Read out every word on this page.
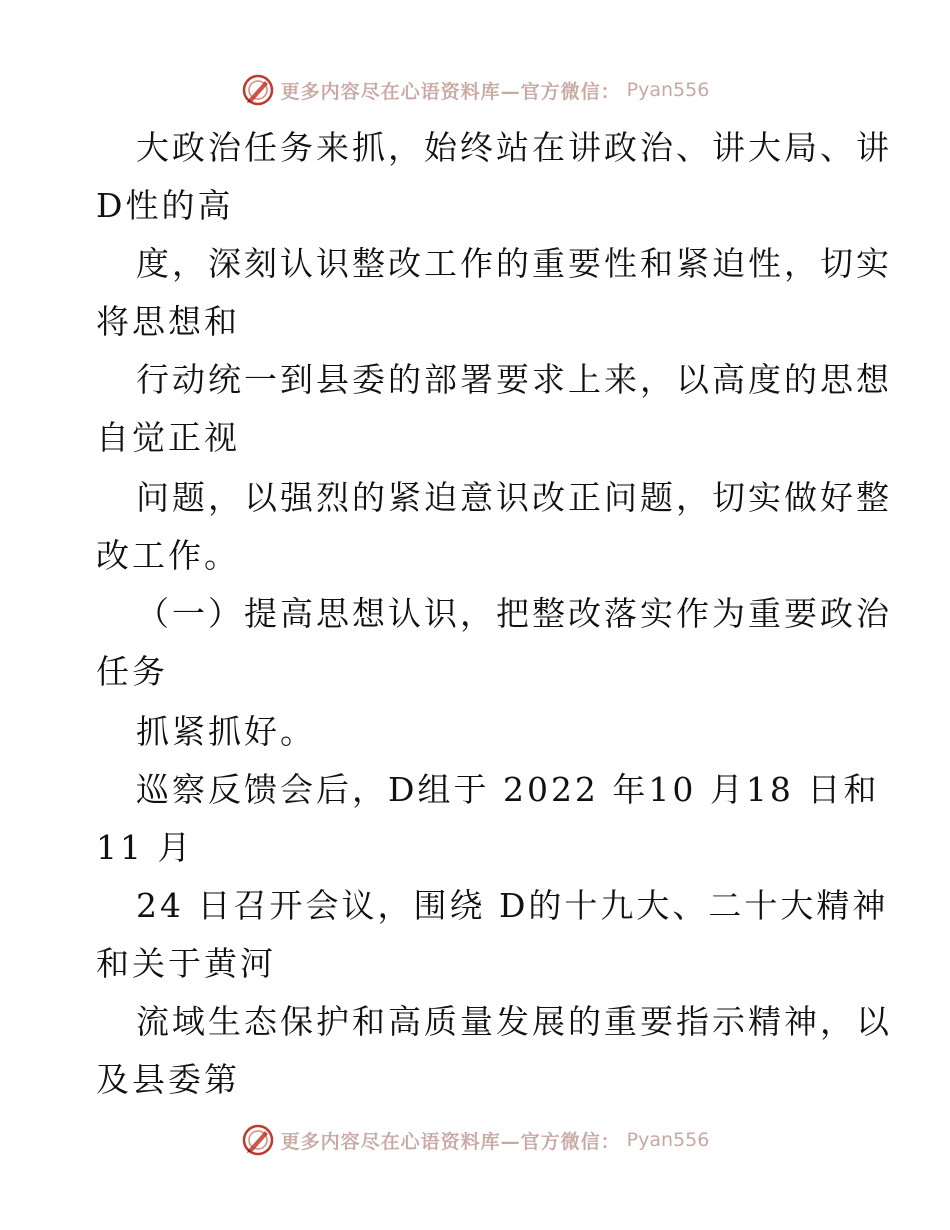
更多内容尽在心语资料库—官方微信： Pyan556
大政治任务来抓，始终站在讲政治、讲大局、讲
D性的高
度，深刻认识整改工作的重要性和紧迫性，切实
将思想和
行动统一到县委的部署要求上来，以高度的思想
自觉正视
问题，以强烈的紧迫意识改正问题，切实做好整
改工作。
（一）提高思想认识，把整改落实作为重要政治
任务
抓紧抓好。
巡察反馈会后，D组于 2022 年10 月18 日和
11 月
24 日召开会议，围绕 D的十九大、二十大精神
和关于黄河
流域生态保护和高质量发展的重要指示精神，以
及县委第
更多内容尽在心语资料库—官方微信： Pyan556
